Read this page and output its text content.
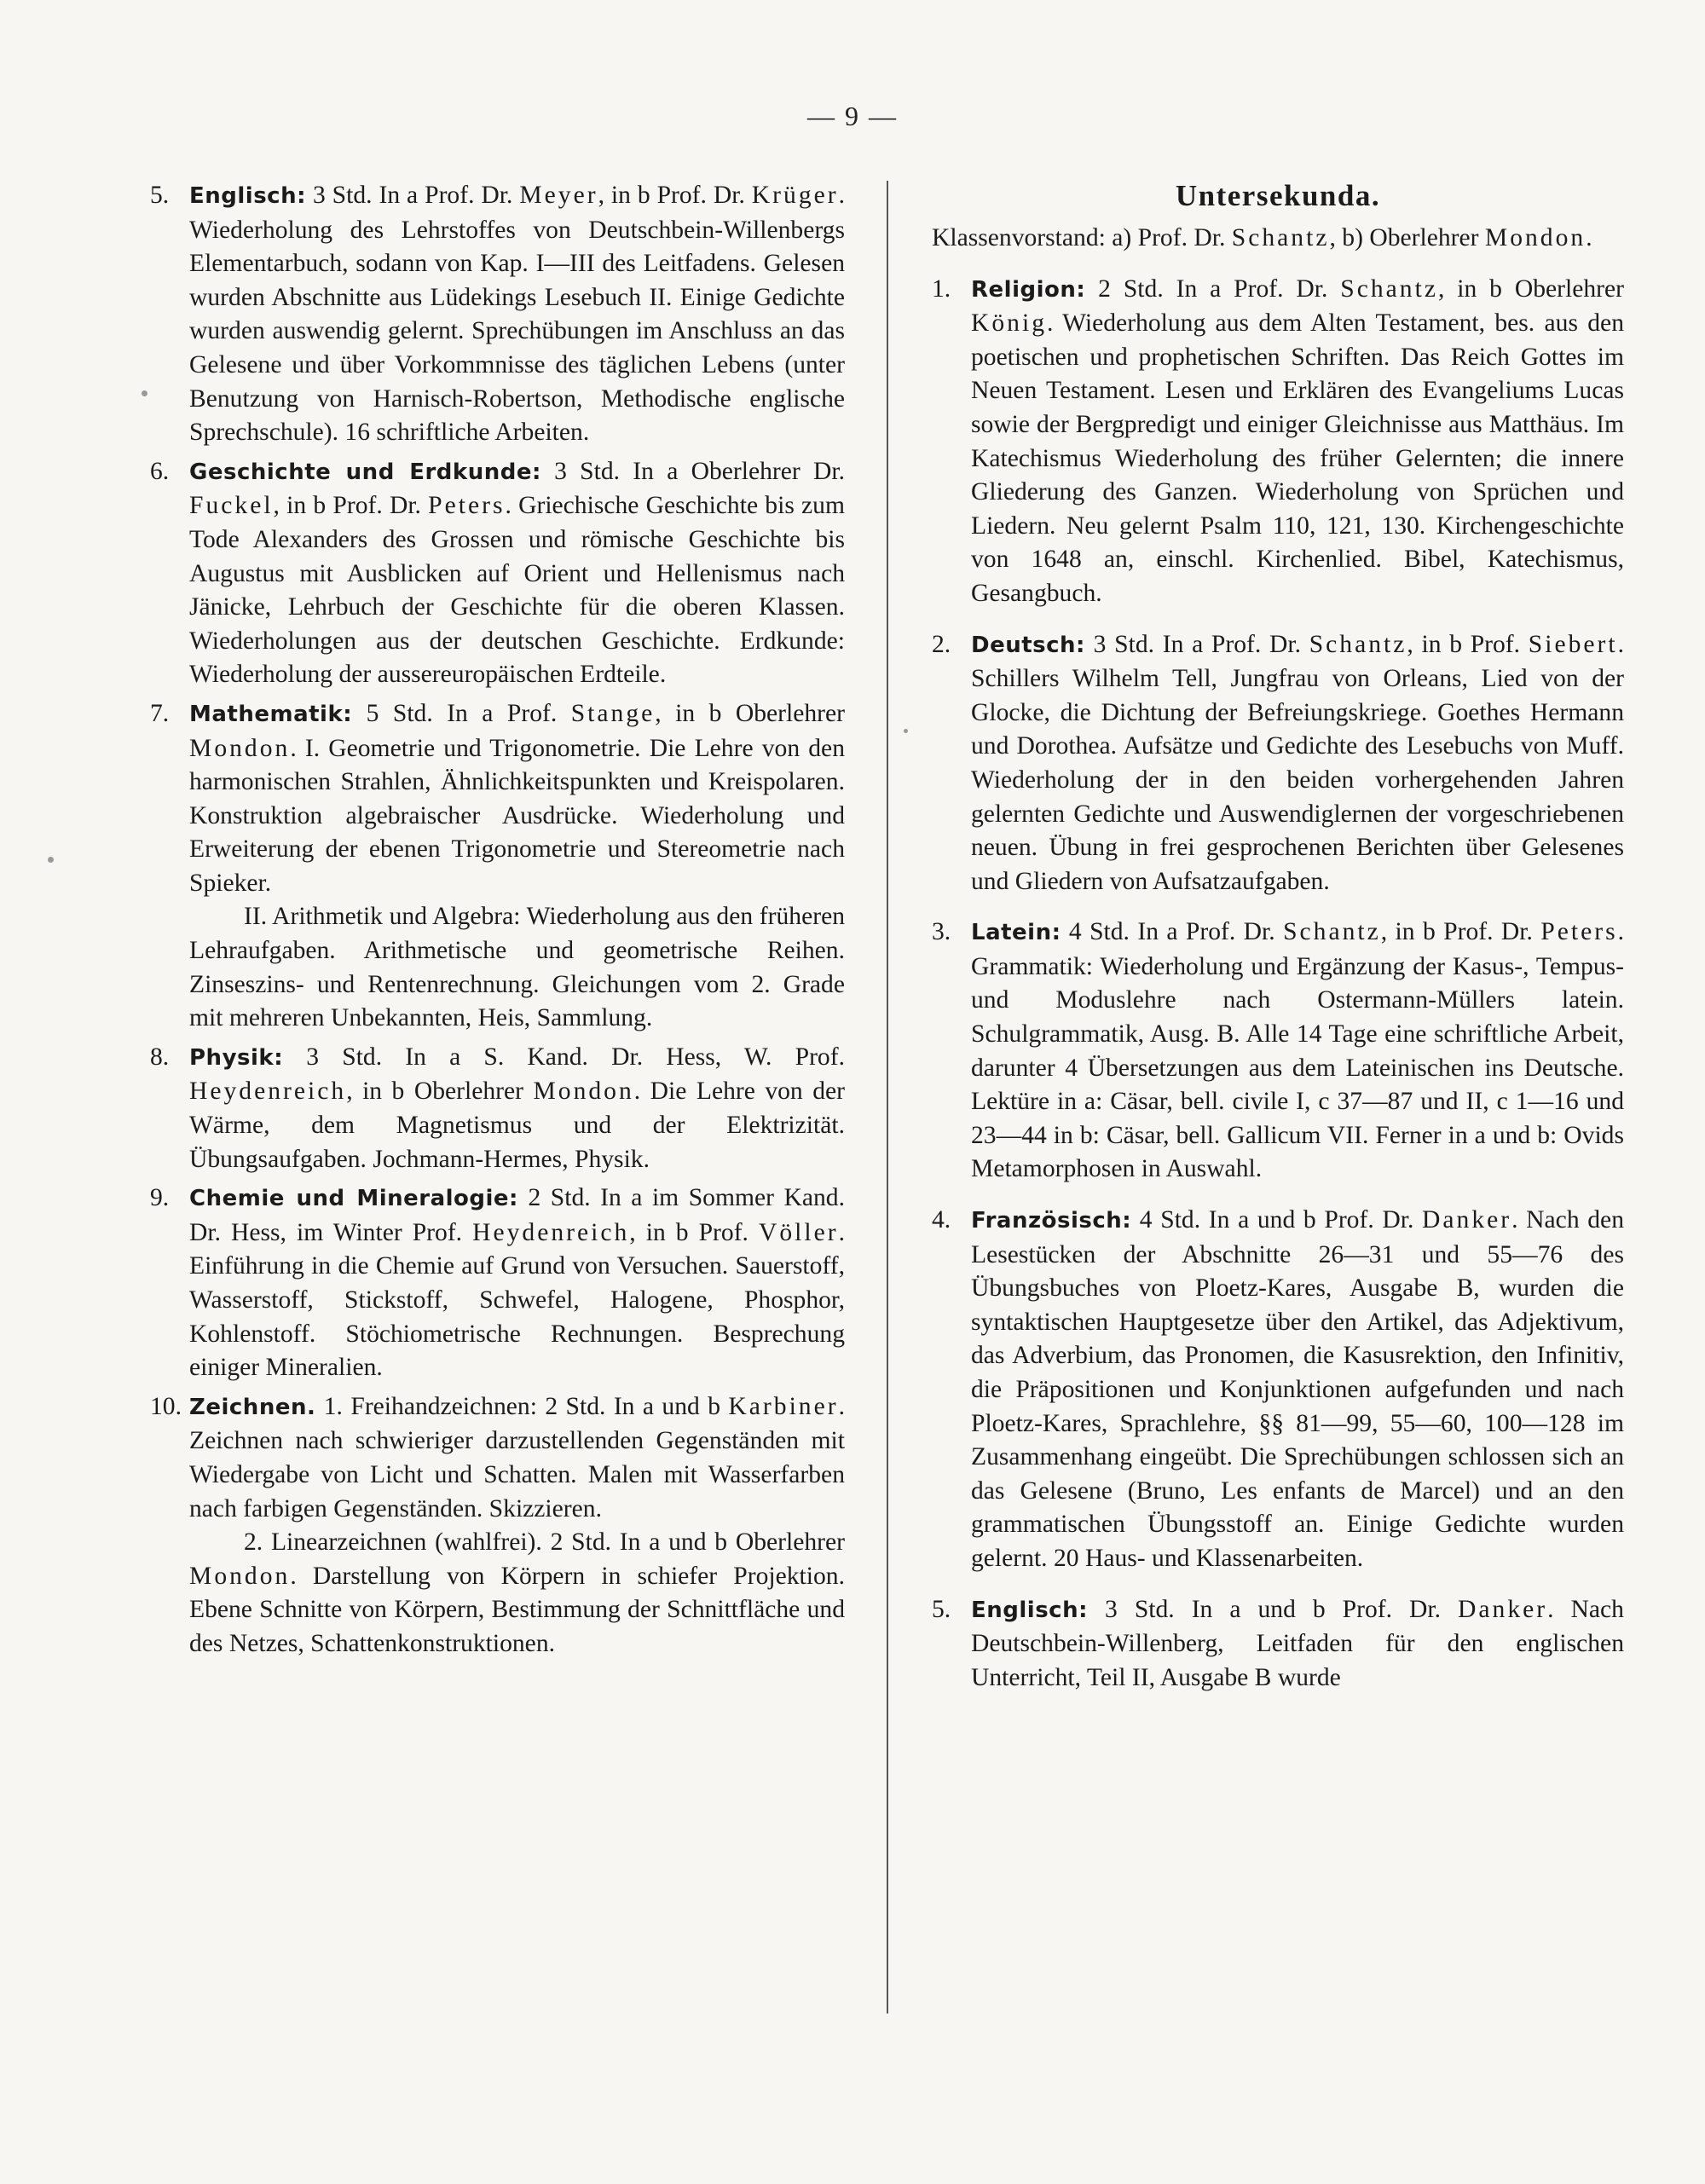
— 9 —

5. Englisch: 3 Std. In a Prof. Dr. Meyer, in b Prof. Dr. Krüger. Wiederholung des Lehrstoffes von Deutschbein-Willenbergs Elementarbuch, sodann von Kap. I—III des Leitfadens. Gelesen wurden Abschnitte aus Lüdekings Lesebuch II. Einige Gedichte wurden auswendig gelernt. Sprechübungen im Anschluss an das Gelesene und über Vorkommnisse des täglichen Lebens (unter Benutzung von Harnisch-Robertson, Methodische englische Sprechschule). 16 schriftliche Arbeiten.

6. Geschichte und Erdkunde: 3 Std. In a Oberlehrer Dr. Fuckel, in b Prof. Dr. Peters. Griechische Geschichte bis zum Tode Alexanders des Grossen und römische Geschichte bis Augustus mit Ausblicken auf Orient und Hellenismus nach Jänicke, Lehrbuch der Geschichte für die oberen Klassen. Wiederholungen aus der deutschen Geschichte. Erdkunde: Wiederholung der aussereuropäischen Erdteile.

7. Mathematik: 5 Std. In a Prof. Stange, in b Oberlehrer Mondon. I. Geometrie und Trigonometrie. Die Lehre von den harmonischen Strahlen, Ähnlichkeitspunkten und Kreispolaren. Konstruktion algebraischer Ausdrücke. Wiederholung und Erweiterung der ebenen Trigonometrie und Stereometrie nach Spieker.
II. Arithmetik und Algebra: Wiederholung aus den früheren Lehraufgaben. Arithmetische und geometrische Reihen. Zinseszins- und Rentenrechnung. Gleichungen vom 2. Grade mit mehreren Unbekannten, Heis, Sammlung.

8. Physik: 3 Std. In a S. Kand. Dr. Hess, W. Prof. Heydenreich, in b Oberlehrer Mondon. Die Lehre von der Wärme, dem Magnetismus und der Elektrizität. Übungsaufgaben. Jochmann-Hermes, Physik.

9. Chemie und Mineralogie: 2 Std. In a im Sommer Kand. Dr. Hess, im Winter Prof. Heydenreich, in b Prof. Völler. Einführung in die Chemie auf Grund von Versuchen. Sauerstoff, Wasserstoff, Stickstoff, Schwefel, Halogene, Phosphor, Kohlenstoff. Stöchiometrische Rechnungen. Besprechung einiger Mineralien.

10. Zeichnen. 1. Freihandzeichnen: 2 Std. In a und b Karbiner. Zeichnen nach schwieriger darzustellenden Gegenständen mit Wiedergabe von Licht und Schatten. Malen mit Wasserfarben nach farbigen Gegenständen. Skizzieren.
2. Linearzeichnen (wahlfrei). 2 Std. In a und b Oberlehrer Mondon. Darstellung von Körpern in schiefer Projektion. Ebene Schnitte von Körpern, Bestimmung der Schnittfläche und des Netzes, Schattenkonstruktionen.

Untersekunda.

Klassenvorstand: a) Prof. Dr. Schantz, b) Oberlehrer Mondon.

1. Religion: 2 Std. In a Prof. Dr. Schantz, in b Oberlehrer König. Wiederholung aus dem Alten Testament, bes. aus den poetischen und prophetischen Schriften. Das Reich Gottes im Neuen Testament. Lesen und Erklären des Evangeliums Lucas sowie der Bergpredigt und einiger Gleichnisse aus Matthäus. Im Katechismus Wiederholung des früher Gelernten; die innere Gliederung des Ganzen. Wiederholung von Sprüchen und Liedern. Neu gelernt Psalm 110, 121, 130. Kirchengeschichte von 1648 an, einschl. Kirchenlied. Bibel, Katechismus, Gesangbuch.

2. Deutsch: 3 Std. In a Prof. Dr. Schantz, in b Prof. Siebert. Schillers Wilhelm Tell, Jungfrau von Orleans, Lied von der Glocke, die Dichtung der Befreiungskriege. Goethes Hermann und Dorothea. Aufsätze und Gedichte des Lesebuchs von Muff. Wiederholung der in den beiden vorhergehenden Jahren gelernten Gedichte und Auswendiglernen der vorgeschriebenen neuen. Übung in frei gesprochenen Berichten über Gelesenes und Gliedern von Aufsatzaufgaben.

3. Latein: 4 Std. In a Prof. Dr. Schantz, in b Prof. Dr. Peters. Grammatik: Wiederholung und Ergänzung der Kasus-, Tempus- und Moduslehre nach Ostermann-Müllers latein. Schulgrammatik, Ausg. B. Alle 14 Tage eine schriftliche Arbeit, darunter 4 Übersetzungen aus dem Lateinischen ins Deutsche. Lektüre in a: Cäsar, bell. civile I, c 37—87 und II, c 1—16 und 23—44 in b: Cäsar, bell. Gallicum VII. Ferner in a und b: Ovids Metamorphosen in Auswahl.

4. Französisch: 4 Std. In a und b Prof. Dr. Danker. Nach den Lesestücken der Abschnitte 26—31 und 55—76 des Übungsbuches von Ploetz-Kares, Ausgabe B, wurden die syntaktischen Hauptgesetze über den Artikel, das Adjektivum, das Adverbium, das Pronomen, die Kasusrektion, den Infinitiv, die Präpositionen und Konjunktionen aufgefunden und nach Ploetz-Kares, Sprachlehre, §§ 81—99, 55—60, 100—128 im Zusammenhang eingeübt. Die Sprechübungen schlossen sich an das Gelesene (Bruno, Les enfants de Marcel) und an den grammatischen Übungsstoff an. Einige Gedichte wurden gelernt. 20 Haus- und Klassenarbeiten.

5. Englisch: 3 Std. In a und b Prof. Dr. Danker. Nach Deutschbein-Willenberg, Leitfaden für den englischen Unterricht, Teil II, Ausgabe B wurde
